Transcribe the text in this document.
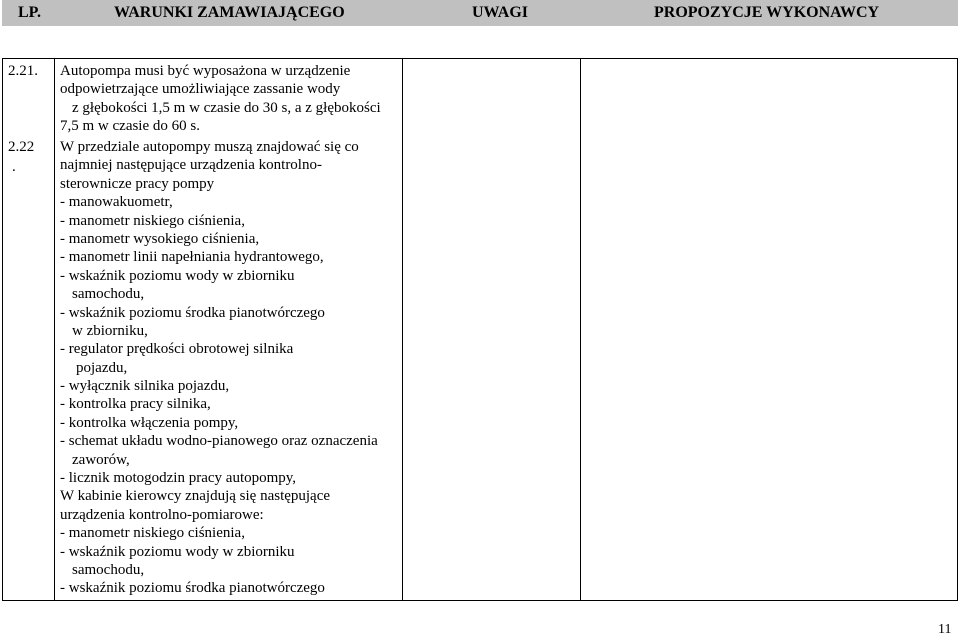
LP.	WARUNKI ZAMAWIAJĄCEGO	UWAGI	PROPOZYCJE WYKONAWCY

2.21. Autopompa musi być wyposażona w urządzenie
odpowietrzające umożliwiające zassanie wody
z głębokości 1,5 m w czasie do 30 s, a z głębokości
7,5 m w czasie do 60 s.
2.22
.
W przedziale autopompy muszą znajdować się co
najmniej następujące urządzenia kontrolno-
sterownicze pracy pompy
- manowakuometr,
- manometr niskiego ciśnienia,
- manometr wysokiego ciśnienia,
- manometr linii napełniania hydrantowego,
- wskaźnik poziomu wody w zbiorniku
samochodu,
- wskaźnik poziomu środka pianotwórczego
w zbiorniku,
- regulator prędkości obrotowej silnika
pojazdu,
- wyłącznik silnika pojazdu,
- kontrolka pracy silnika,
- kontrolka włączenia pompy,
- schemat układu wodno-pianowego oraz oznaczenia
zaworów,
- licznik motogodzin pracy autopompy,
W kabinie kierowcy znajdują się następujące
urządzenia kontrolno-pomiarowe:
- manometr niskiego ciśnienia,
- wskaźnik poziomu wody w zbiorniku
samochodu,
- wskaźnik poziomu środka pianotwórczego
11
